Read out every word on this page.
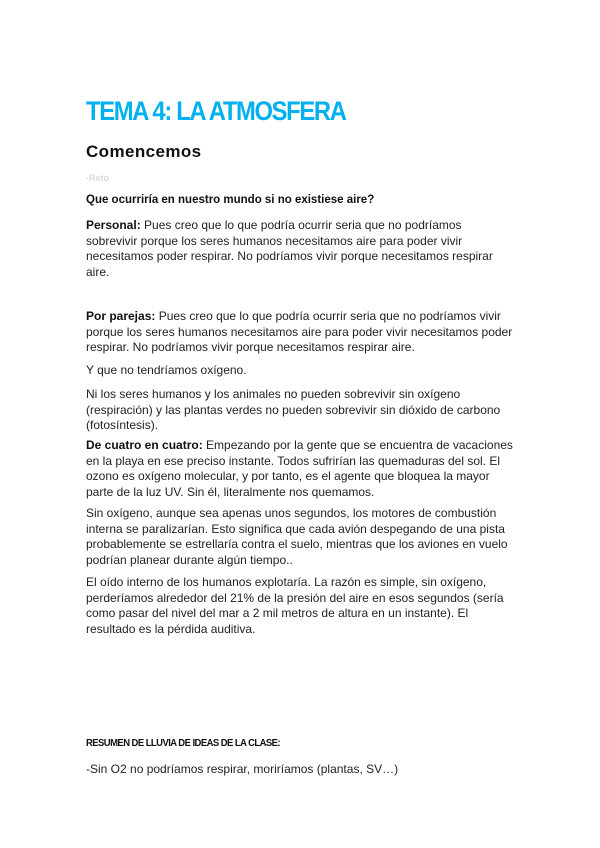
TEMA 4: LA ATMOSFERA
Comencemos

-Reto

Que ocurriría en nuestro mundo si no existiese aire?

Personal: Pues creo que lo que podría ocurrir seria que no podríamos sobrevivir porque los seres humanos necesitamos aire para poder vivir necesitamos poder respirar. No podríamos vivir porque necesitamos respirar aire.

Por parejas: Pues creo que lo que podría ocurrir seria que no podríamos vivir porque los seres humanos necesitamos aire para poder vivir necesitamos poder respirar. No podríamos vivir porque necesitamos respirar aire.

Y que no tendríamos oxígeno.

Ni los seres humanos y los animales no pueden sobrevivir sin oxígeno (respiración) y las plantas verdes no pueden sobrevivir sin dióxido de carbono (fotosíntesis).

De cuatro en cuatro: Empezando por la gente que se encuentra de vacaciones en la playa en ese preciso instante. Todos sufrirían las quemaduras del sol. El ozono es oxígeno molecular, y por tanto, es el agente que bloquea la mayor parte de la luz UV. Sin él, literalmente nos quemamos.

Sin oxígeno, aunque sea apenas unos segundos, los motores de combustión interna se paralizarían. Esto significa que cada avión despegando de una pista probablemente se estrellaría contra el suelo, mientras que los aviones en vuelo podrían planear durante algún tiempo..

El oído interno de los humanos explotaría. La razón es simple, sin oxígeno, perderíamos alrededor del 21% de la presión del aire en esos segundos (sería como pasar del nivel del mar a 2 mil metros de altura en un instante). El resultado es la pérdida auditiva.

RESUMEN DE LLUVIA DE IDEAS DE LA CLASE:

-Sin O2 no podríamos respirar, moriríamos (plantas, SV…)
